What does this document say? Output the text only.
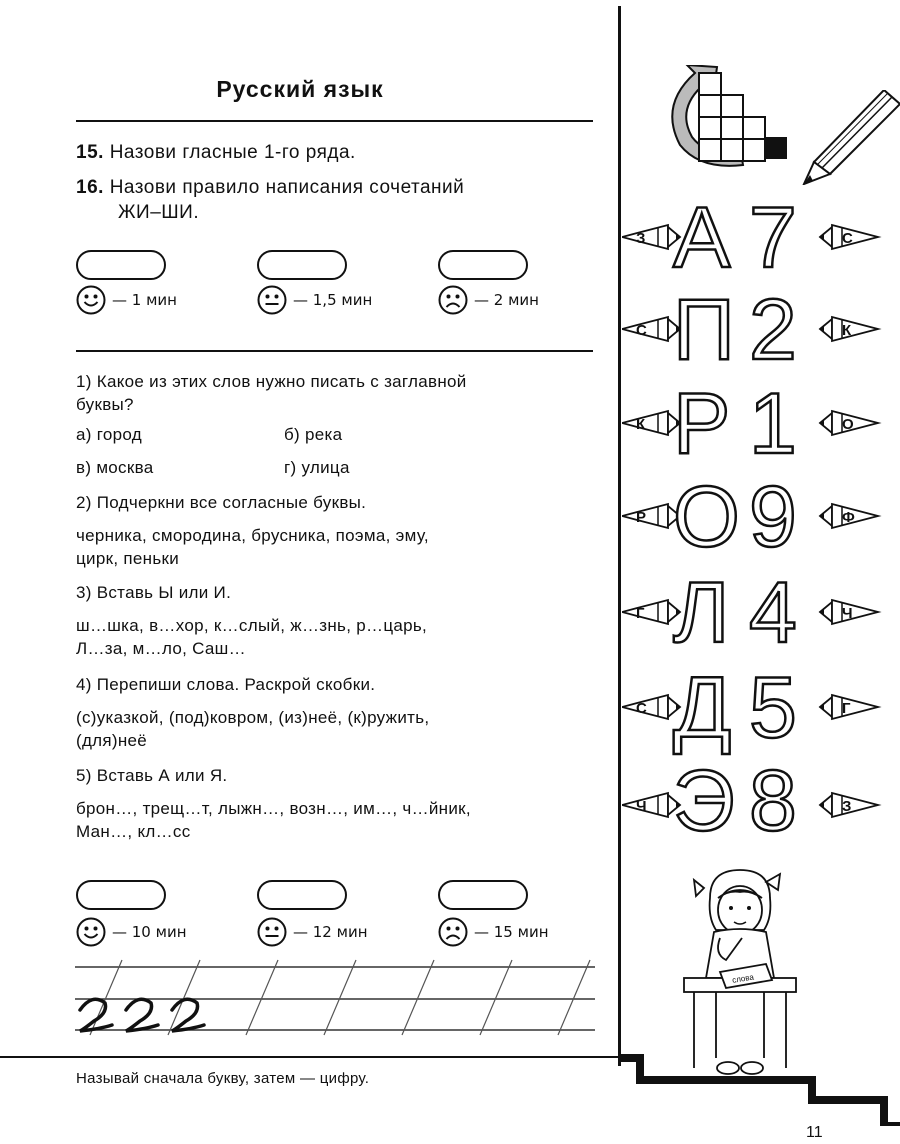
Русский язык
15. Назови гласные 1-го ряда.
16. Назови правило написания сочетаний
ЖИ–ШИ.
— 1 мин	— 1,5 мин	— 2 мин
1) Какое из этих слов нужно писать с заглавной
буквы?
а) город	б) река
в) москва	г) улица
2) Подчеркни все согласные буквы.
черника, смородина, брусника, поэма, эму,
цирк, пеньки
3) Вставь Ы или И.
ш…шка, в…хор, к…слый, ж…знь, р…царь,
Л…за, м…ло, Саш…
4) Перепиши слова. Раскрой скобки.
(с)указкой, (под)ковром, (из)неё, (к)ружить,
(для)неё
5) Вставь А или Я.
брон…, трещ…т, лыжн…, возн…, им…, ч…йник,
Ман…, кл…сс
— 10 мин	— 12 мин	— 15 мин
Называй сначала букву, затем — цифру.
З А 7	С
С П 2	К
К Р 1	О
Р О 9	Ф
Г Л 4	Ч
С Д 5	Г
Ч Э 8	З
слова
11
